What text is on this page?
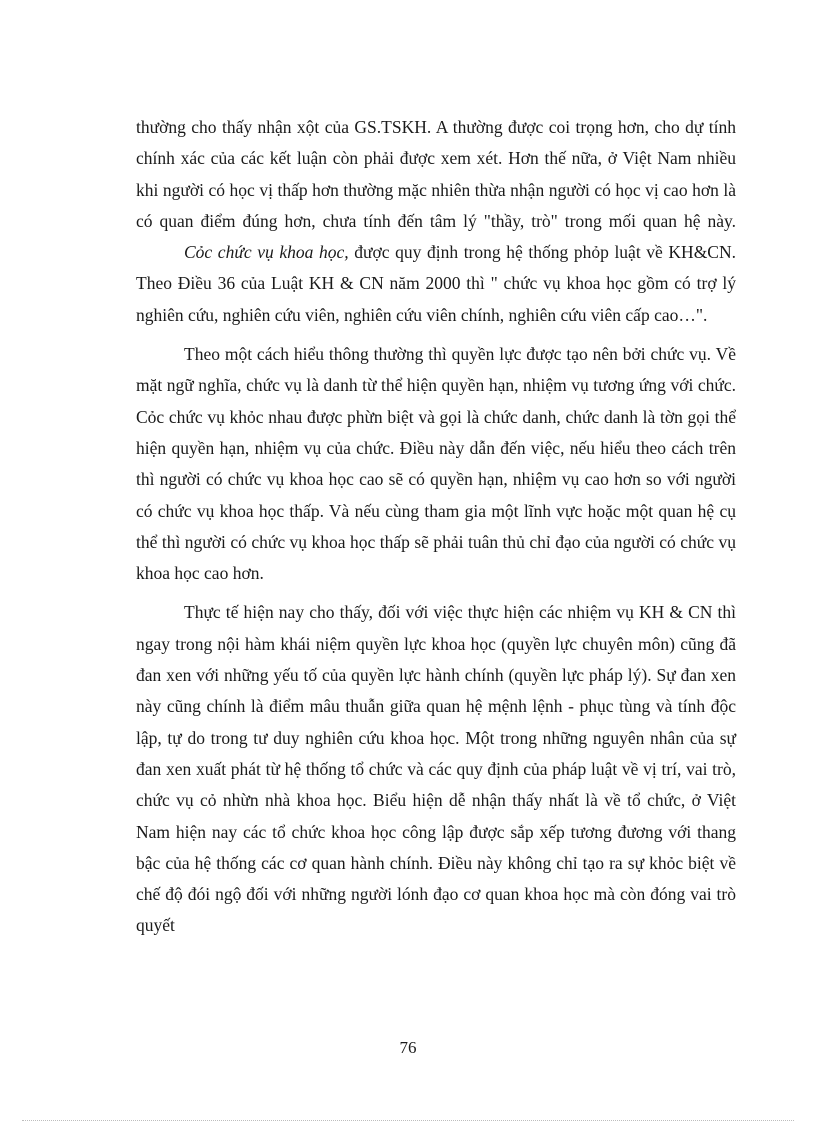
thường cho thấy nhận xột của GS.TSKH. A thường được coi trọng hơn, cho dự tính chính xác của các kết luận còn phải được xem xét. Hơn thế nữa, ở Việt Nam nhiều khi người có học vị thấp hơn thường mặc nhiên thừa nhận người có học vị cao hơn là có quan điểm đúng hơn, chưa tính đến tâm lý "thầy, trò" trong mối quan hệ này.

Cỏc chức vụ khoa học, được quy định trong hệ thống phỏp luật về KH&CN. Theo Điều 36 của Luật KH & CN năm 2000 thì " chức vụ khoa học gồm có trợ lý nghiên cứu, nghiên cứu viên, nghiên cứu viên chính, nghiên cứu viên cấp cao…".

Theo một cách hiểu thông thường thì quyền lực được tạo nên bởi chức vụ. Về mặt ngữ nghĩa, chức vụ là danh từ thể hiện quyền hạn, nhiệm vụ tương ứng với chức. Cỏc chức vụ khỏc nhau được phừn biệt và gọi là chức danh, chức danh là tờn gọi thể hiện quyền hạn, nhiệm vụ của chức. Điều này dẫn đến việc, nếu hiểu theo cách trên thì người có chức vụ khoa học cao sẽ có quyền hạn, nhiệm vụ cao hơn so với người có chức vụ khoa học thấp. Và nếu cùng tham gia một lĩnh vực hoặc một quan hệ cụ thể thì người có chức vụ khoa học thấp sẽ phải tuân thủ chỉ đạo của người có chức vụ khoa học cao hơn.

Thực tế hiện nay cho thấy, đối với việc thực hiện các nhiệm vụ KH & CN thì ngay trong nội hàm khái niệm quyền lực khoa học (quyền lực chuyên môn) cũng đã đan xen với những yếu tố của quyền lực hành chính (quyền lực pháp lý). Sự đan xen này cũng chính là điểm mâu thuẫn giữa quan hệ mệnh lệnh - phục tùng và tính độc lập, tự do trong tư duy nghiên cứu khoa học. Một trong những nguyên nhân của sự đan xen xuất phát từ hệ thống tổ chức và các quy định của pháp luật về vị trí, vai trò, chức vụ cỏ nhừn nhà khoa học. Biểu hiện dễ nhận thấy nhất là về tổ chức, ở Việt Nam hiện nay các tổ chức khoa học công lập được sắp xếp tương đương với thang bậc của hệ thống các cơ quan hành chính. Điều này không chỉ tạo ra sự khỏc biệt về chế độ đói ngộ đối với những người lónh đạo cơ quan khoa học mà còn đóng vai trò quyết

76
